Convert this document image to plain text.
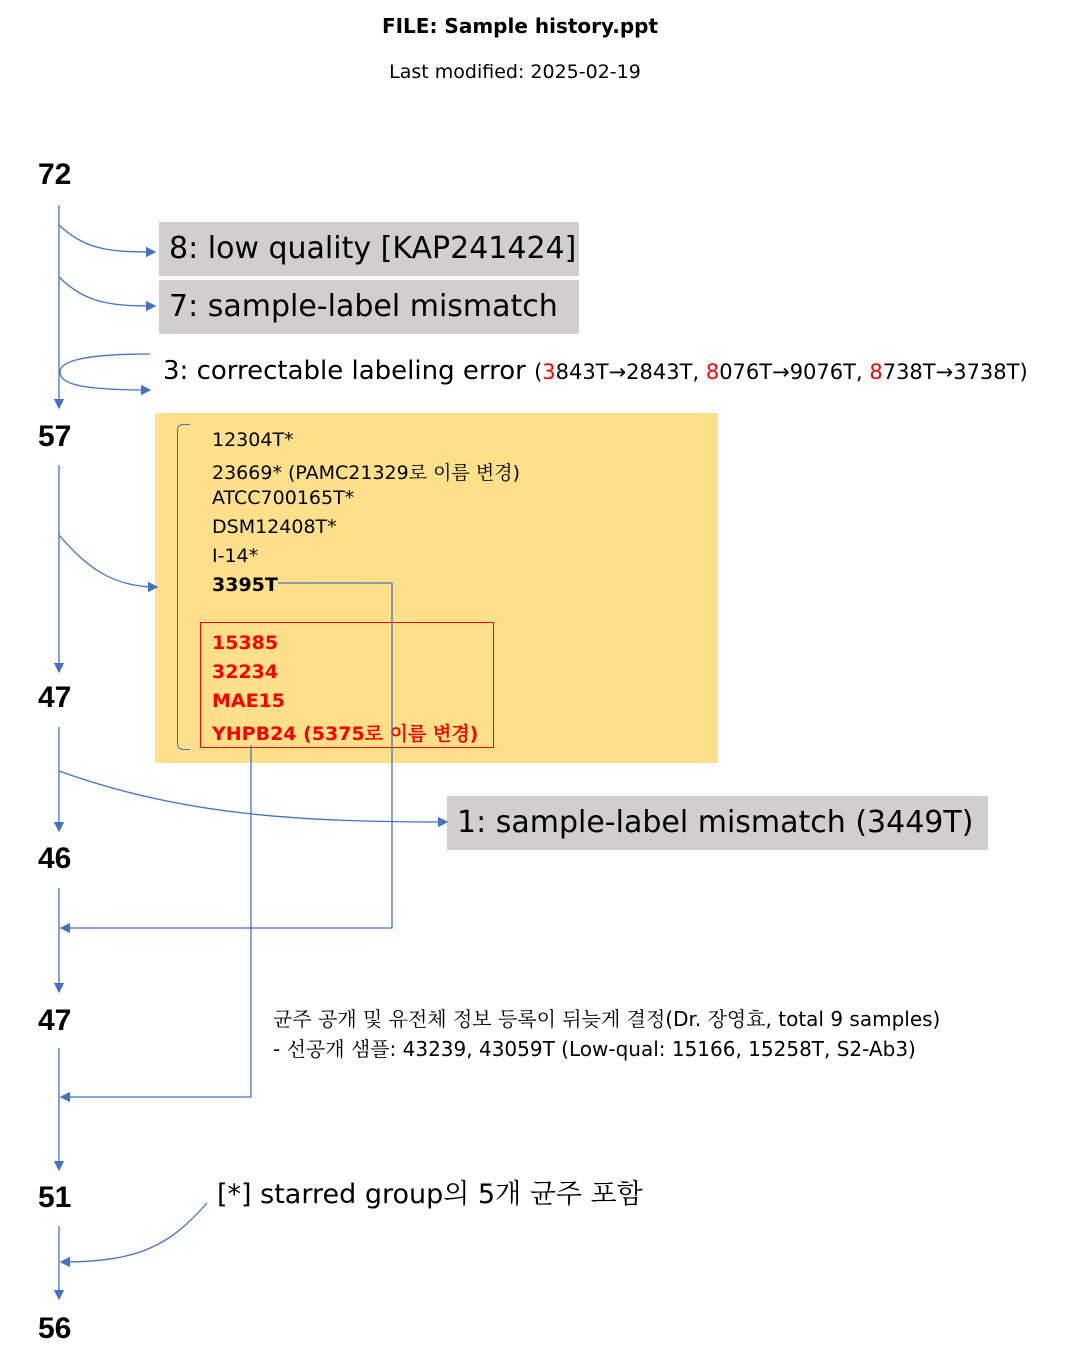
FILE: Sample history.ppt
Last modified: 2025-02-19
72
57
47
46
47
51
56
8: low quality [KAP241424]
7: sample-label mismatch
3: correctable labeling error (3843T→2843T, 8076T→9076T, 8738T→3738T)
12304T*
23669* (PAMC21329로 이름 변경)
ATCC700165T*
DSM12408T*
I-14*
3395T
15385
32234
MAE15
YHPB24 (5375로 이름 변경)
1: sample-label mismatch (3449T)
균주 공개 및 유전체 정보 등록이 뒤늦게 결정(Dr. 장영효, total 9 samples)
- 선공개 샘플: 43239, 43059T (Low-qual: 15166, 15258T, S2-Ab3)
[*] starred group의 5개 균주 포함
